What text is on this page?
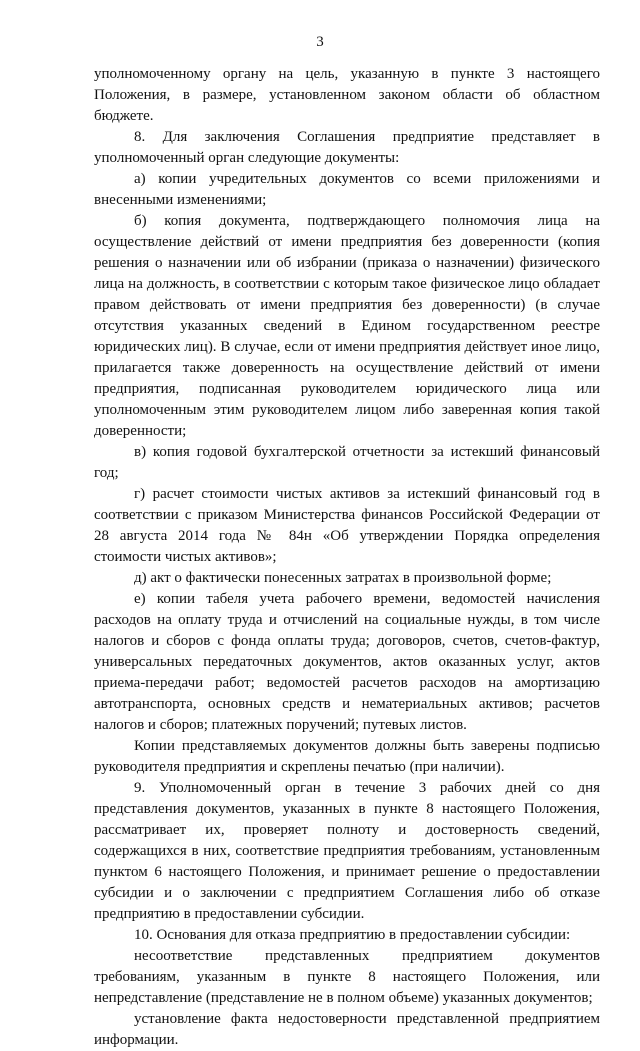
3

уполномоченному органу на цель, указанную в пункте 3 настоящего Положения, в размере, установленном законом области об областном бюджете.

8. Для заключения Соглашения предприятие представляет в уполномоченный орган следующие документы:

а) копии учредительных документов со всеми приложениями и внесенными изменениями;

б) копия документа, подтверждающего полномочия лица на осуществление действий от имени предприятия без доверенности (копия решения о назначении или об избрании (приказа о назначении) физического лица на должность, в соответствии с которым такое физическое лицо обладает правом действовать от имени предприятия без доверенности) (в случае отсутствия указанных сведений в Едином государственном реестре юридических лиц). В случае, если от имени предприятия действует иное лицо, прилагается также доверенность на осуществление действий от имени предприятия, подписанная руководителем юридического лица или уполномоченным этим руководителем лицом либо заверенная копия такой доверенности;

в) копия годовой бухгалтерской отчетности за истекший финансовый год;

г) расчет стоимости чистых активов за истекший финансовый год в соответствии с приказом Министерства финансов Российской Федерации от 28 августа 2014 года № 84н «Об утверждении Порядка определения стоимости чистых активов»;

д) акт о фактически понесенных затратах в произвольной форме;

е) копии табеля учета рабочего времени, ведомостей начисления расходов на оплату труда и отчислений на социальные нужды, в том числе налогов и сборов с фонда оплаты труда; договоров, счетов, счетов-фактур, универсальных передаточных документов, актов оказанных услуг, актов приема-передачи работ; ведомостей расчетов расходов на амортизацию автотранспорта, основных средств и нематериальных активов; расчетов налогов и сборов; платежных поручений; путевых листов.

Копии представляемых документов должны быть заверены подписью руководителя предприятия и скреплены печатью (при наличии).

9. Уполномоченный орган в течение 3 рабочих дней со дня представления документов, указанных в пункте 8 настоящего Положения, рассматривает их, проверяет полноту и достоверность сведений, содержащихся в них, соответствие предприятия требованиям, установленным пунктом 6 настоящего Положения, и принимает решение о предоставлении субсидии и о заключении с предприятием Соглашения либо об отказе предприятию в предоставлении субсидии.

10. Основания для отказа предприятию в предоставлении субсидии:

несоответствие представленных предприятием документов требованиям, указанным в пункте 8 настоящего Положения, или непредставление (представление не в полном объеме) указанных документов;

установление факта недостоверности представленной предприятием информации.
